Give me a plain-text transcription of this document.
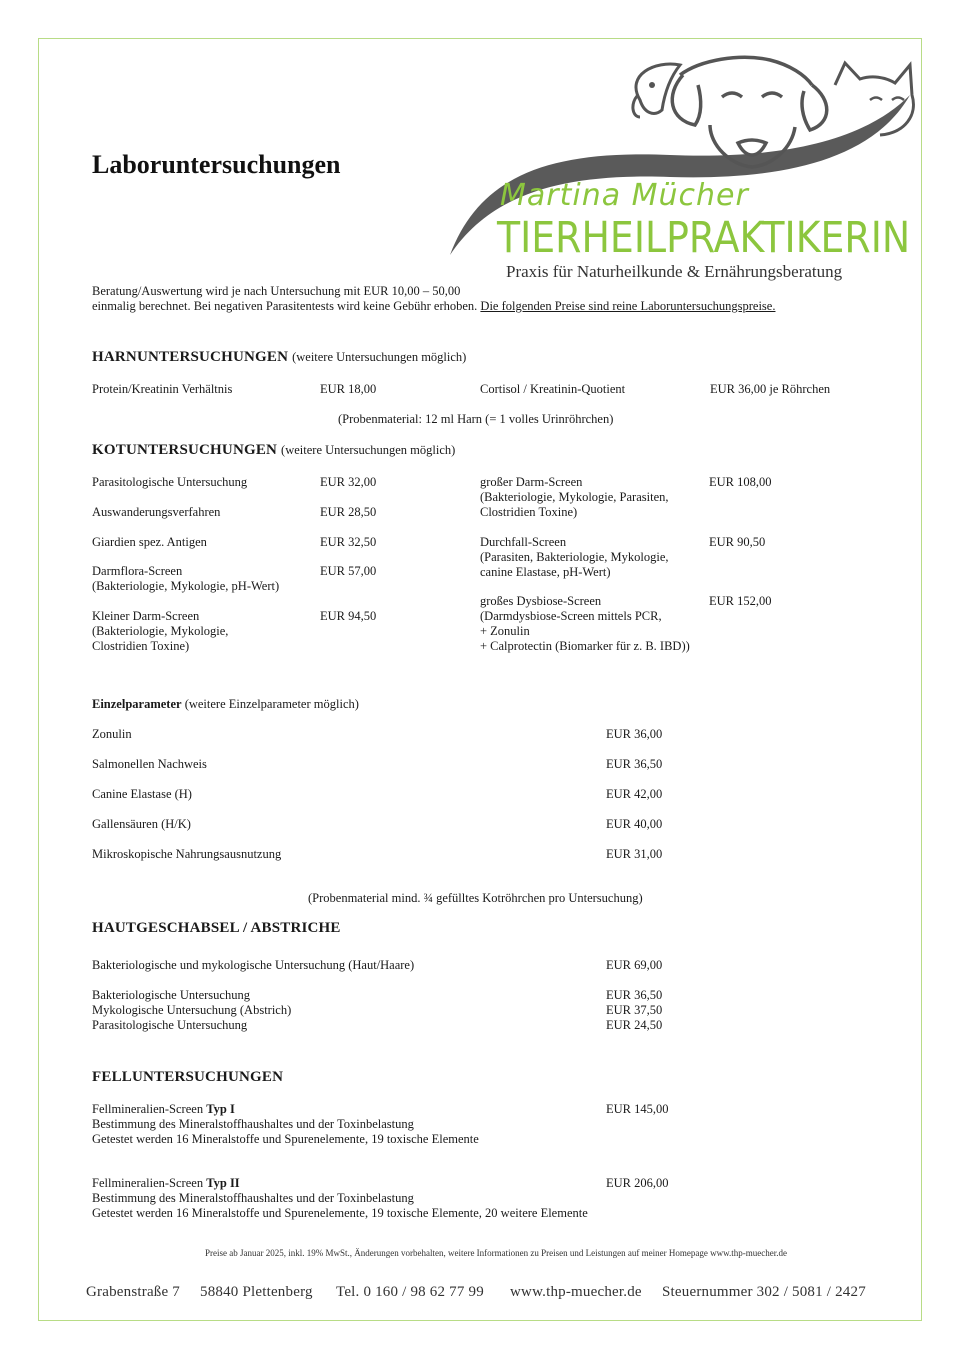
Martina Mücher
TIERHEILPRAKTIKERIN
Praxis für Naturheilkunde & Ernährungsberatung
Laboruntersuchungen
Beratung/Auswertung wird je nach Untersuchung mit EUR 10,00 – 50,00
einmalig berechnet. Bei negativen Parasitentests wird keine Gebühr erhoben. Die folgenden Preise sind reine Laboruntersuchungspreise.
HARNUNTERSUCHUNGEN (weitere Untersuchungen möglich)
Protein/Kreatinin Verhältnis	EUR 18,00	Cortisol / Kreatinin-Quotient	EUR 36,00 je Röhrchen
(Probenmaterial: 12 ml Harn (= 1 volles Urinröhrchen)
KOTUNTERSUCHUNGEN (weitere Untersuchungen möglich)
Parasitologische Untersuchung	EUR 32,00
Auswanderungsverfahren	EUR 28,50
Giardien spez. Antigen	EUR 32,50
Darmflora-Screen
(Bakteriologie, Mykologie, pH-Wert)
EUR 57,00
Kleiner Darm-Screen
(Bakteriologie, Mykologie,
Clostridien Toxine)
EUR 94,50
großer Darm-Screen
(Bakteriologie, Mykologie, Parasiten,
Clostridien Toxine)
EUR 108,00
Durchfall-Screen
(Parasiten, Bakteriologie, Mykologie,
canine Elastase, pH-Wert)
EUR 90,50
großes Dysbiose-Screen
(Darmdysbiose-Screen mittels PCR,
+ Zonulin
+ Calprotectin (Biomarker für z. B. IBD))
EUR 152,00
Einzelparameter (weitere Einzelparameter möglich)
Zonulin	EUR 36,00
Salmonellen Nachweis	EUR 36,50
Canine Elastase (H)	EUR 42,00
Gallensäuren (H/K)	EUR 40,00
Mikroskopische Nahrungsausnutzung	EUR 31,00
(Probenmaterial mind. ¾ gefülltes Kotröhrchen pro Untersuchung)
HAUTGESCHABSEL / ABSTRICHE
Bakteriologische und mykologische Untersuchung (Haut/Haare)	EUR 69,00
Bakteriologische Untersuchung	EUR 36,50
Mykologische Untersuchung (Abstrich)	EUR 37,50
Parasitologische Untersuchung	EUR 24,50
FELLUNTERSUCHUNGEN
Fellmineralien-Screen Typ I
Bestimmung des Mineralstoffhaushaltes und der Toxinbelastung
Getestet werden 16 Mineralstoffe und Spurenelemente, 19 toxische Elemente
EUR 145,00
Fellmineralien-Screen Typ II
Bestimmung des Mineralstoffhaushaltes und der Toxinbelastung
Getestet werden 16 Mineralstoffe und Spurenelemente, 19 toxische Elemente, 20 weitere Elemente
EUR 206,00
Preise ab Januar 2025, inkl. 19% MwSt., Änderungen vorbehalten, weitere Informationen zu Preisen und Leistungen auf meiner Homepage www.thp-muecher.de
Grabenstraße 7 58840 Plettenberg Tel. 0 160 / 98 62 77 99 www.thp-muecher.de Steuernummer 302 / 5081 / 2427
